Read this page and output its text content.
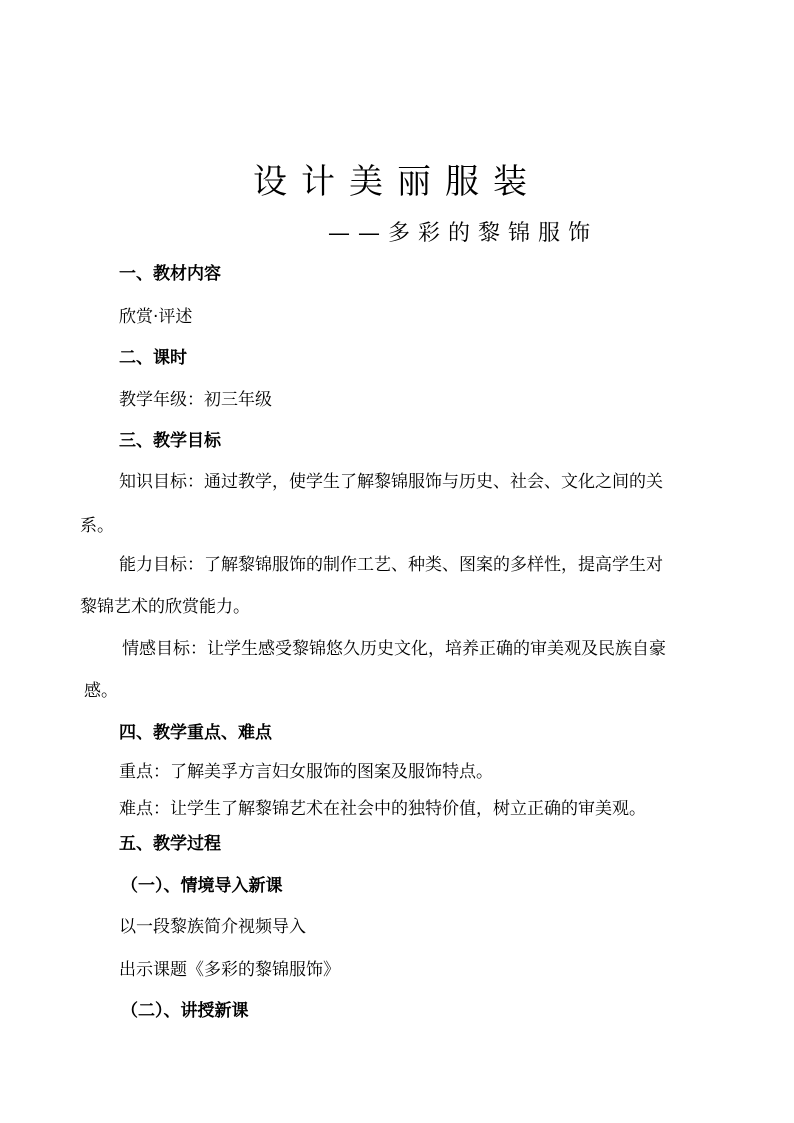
设计美丽服装
——多彩的黎锦服饰
一、教材内容
欣赏·评述
二、课时
教学年级：初三年级
三、教学目标
知识目标：通过教学，使学生了解黎锦服饰与历史、社会、文化之间的关
系。
能力目标：了解黎锦服饰的制作工艺、种类、图案的多样性，提高学生对
黎锦艺术的欣赏能力。
情感目标：让学生感受黎锦悠久历史文化，培养正确的审美观及民族自豪
感。
四、教学重点、难点
重点：了解美孚方言妇女服饰的图案及服饰特点。
难点：让学生了解黎锦艺术在社会中的独特价值，树立正确的审美观。
五、教学过程
（一）、情境导入新课
以一段黎族简介视频导入
出示课题《多彩的黎锦服饰》
（二）、讲授新课
